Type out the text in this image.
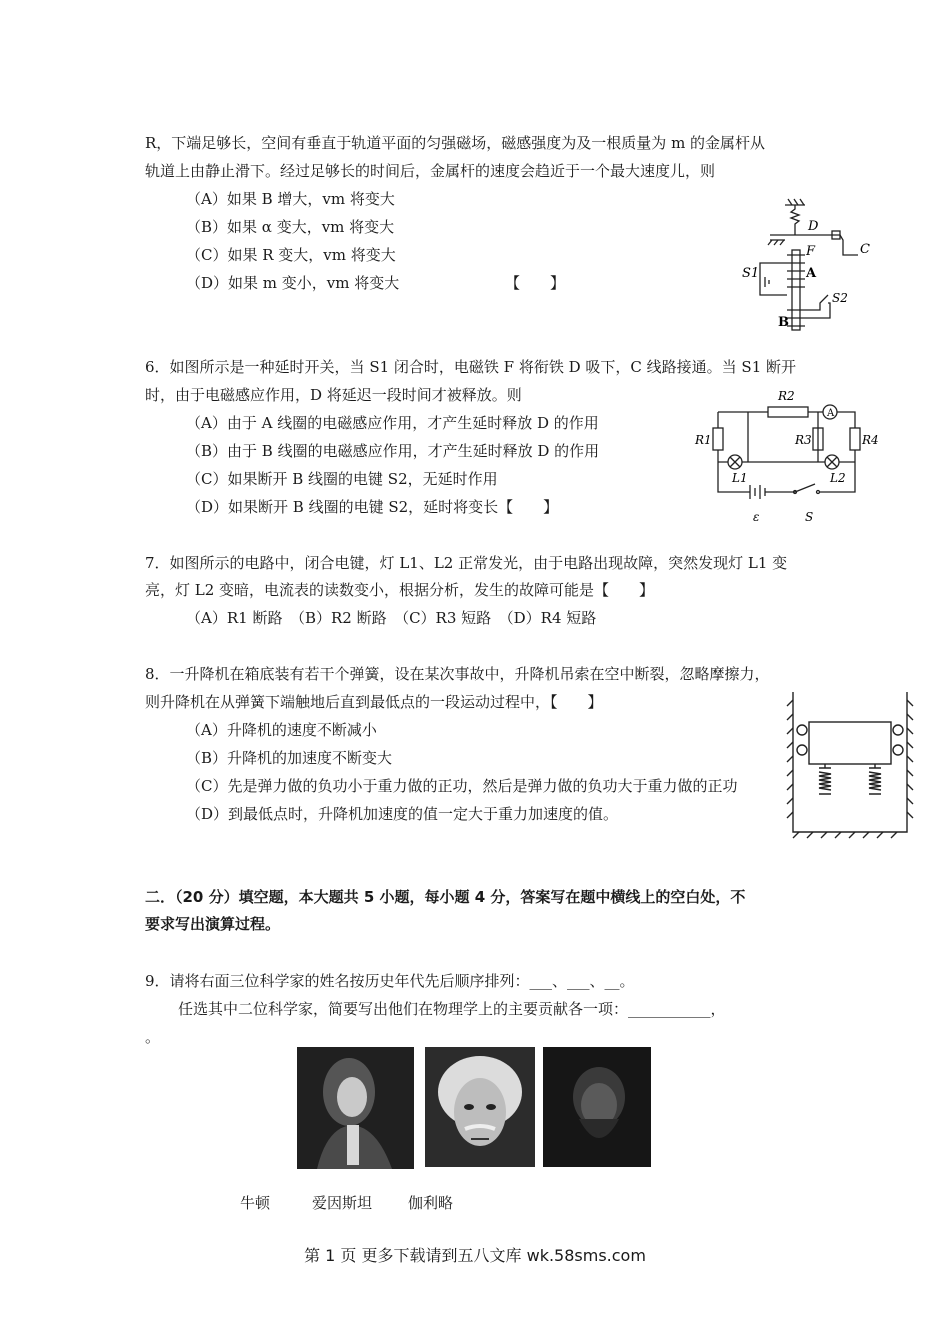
R，下端足够长，空间有垂直于轨道平面的匀强磁场，磁感强度为及一根质量为 m 的金属杆从
轨道上由静止滑下。经过足够长的时间后，金属杆的速度会趋近于一个最大速度儿，则
（A）如果 B 增大，vm 将变大
（B）如果 α 变大，vm 将变大
（C）如果 R 变大，vm 将变大
（D）如果 m 变小，vm 将变大	【　　】
D
C
F
A
S1
S2
B
6．如图所示是一种延时开关，当 S1 闭合时，电磁铁 F 将衔铁 D 吸下，C 线路接通。当 S1 断开
时，由于电磁感应作用，D 将延迟一段时间才被释放。则
（A）由于 A 线圈的电磁感应作用，才产生延时释放 D 的作用
（B）由于 B 线圈的电磁感应作用，才产生延时释放 D 的作用
（C）如果断开 B 线圈的电键 S2，无延时作用
（D）如果断开 B 线圈的电键 S2，延时将变长【　　】
A
R2
R1	R3	R4
L1	L2
ε	S
7．如图所示的电路中，闭合电键，灯 L1、L2 正常发光，由于电路出现故障，突然发现灯 L1 变
亮，灯 L2 变暗，电流表的读数变小，根据分析，发生的故障可能是【　　】
（A）R1 断路　（B）R2 断路　（C）R3 短路　（D）R4 短路
8．一升降机在箱底装有若干个弹簧，设在某次事故中，升降机吊索在空中断裂，忽略摩擦力，
则升降机在从弹簧下端触地后直到最低点的一段运动过程中，【　　】
（A）升降机的速度不断减小
（B）升降机的加速度不断变大
（C）先是弹力做的负功小于重力做的正功，然后是弹力做的负功大于重力做的正功
（D）到最低点时，升降机加速度的值一定大于重力加速度的值。
二．（20 分）填空题，本大题共 5 小题，每小题 4 分，答案写在题中横线上的空白处，不
要求写出演算过程。
9．请将右面三位科学家的姓名按历史年代先后顺序排列：___、___、__。
任选其中二位科学家，简要写出他们在物理学上的主要贡献各一项：___________，
。
牛顿	爱因斯坦 伽利略
第 1 页 更多下载请到五八文库 wk.58sms.com
